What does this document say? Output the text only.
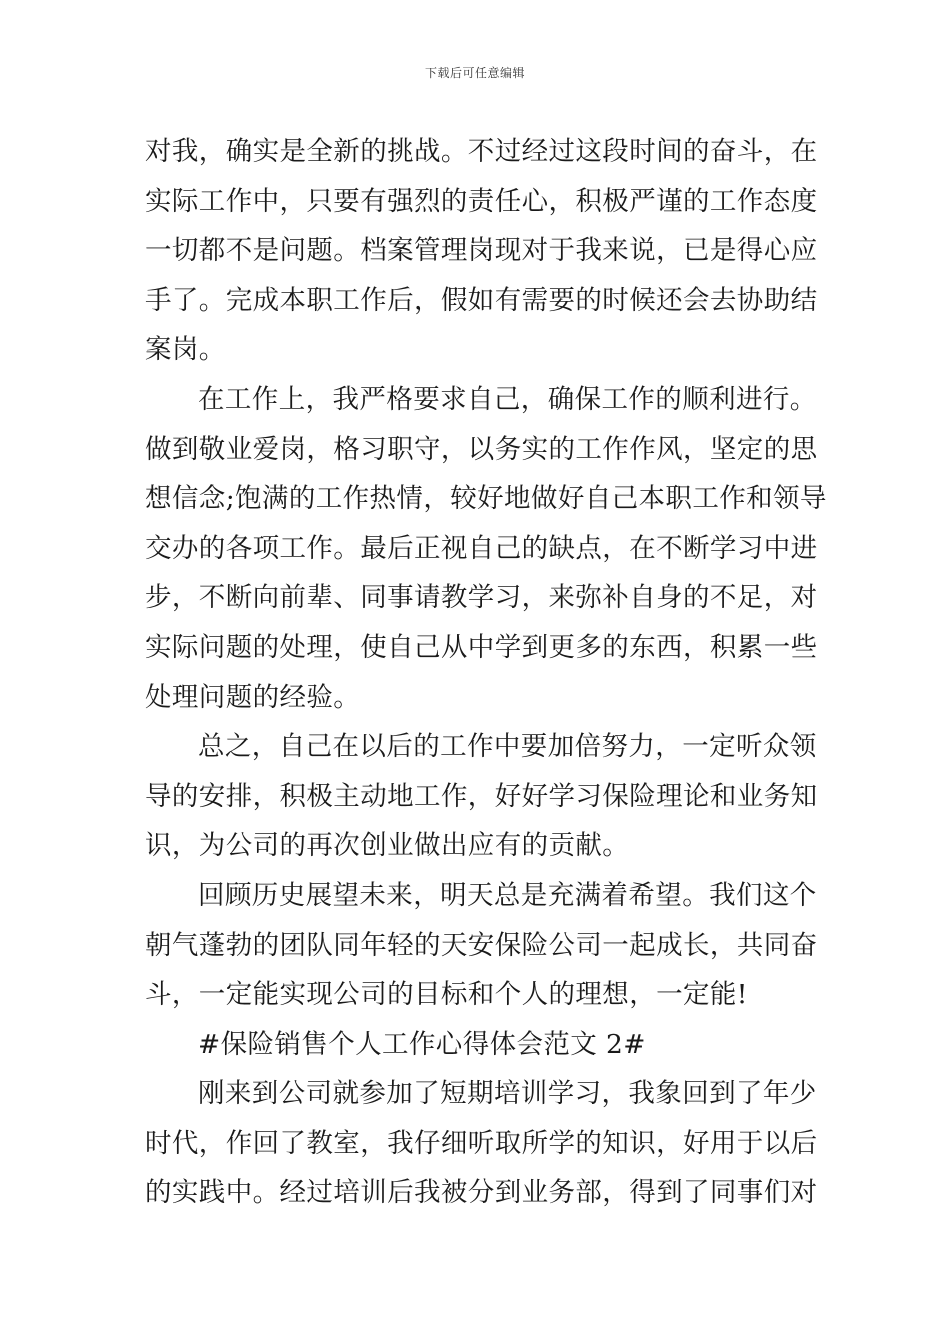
下载后可任意编辑
对我，确实是全新的挑战。不过经过这段时间的奋斗，在
实际工作中，只要有强烈的责任心，积极严谨的工作态度
一切都不是问题。档案管理岗现对于我来说，已是得心应
手了。完成本职工作后，假如有需要的时候还会去协助结
案岗。
在工作上，我严格要求自己，确保工作的顺利进行。
做到敬业爱岗，格习职守，以务实的工作作风，坚定的思
想信念;饱满的工作热情，较好地做好自己本职工作和领导
交办的各项工作。最后正视自己的缺点，在不断学习中进
步，不断向前辈、同事请教学习，来弥补自身的不足，对
实际问题的处理，使自己从中学到更多的东西，积累一些
处理问题的经验。
总之，自己在以后的工作中要加倍努力，一定听众领
导的安排，积极主动地工作，好好学习保险理论和业务知
识，为公司的再次创业做出应有的贡献。
回顾历史展望未来，明天总是充满着希望。我们这个
朝气蓬勃的团队同年轻的天安保险公司一起成长，共同奋
斗，一定能实现公司的目标和个人的理想，一定能!
#保险销售个人工作心得体会范文 2#
刚来到公司就参加了短期培训学习，我象回到了年少
时代，作回了教室，我仔细听取所学的知识，好用于以后
的实践中。经过培训后我被分到业务部，得到了同事们对
